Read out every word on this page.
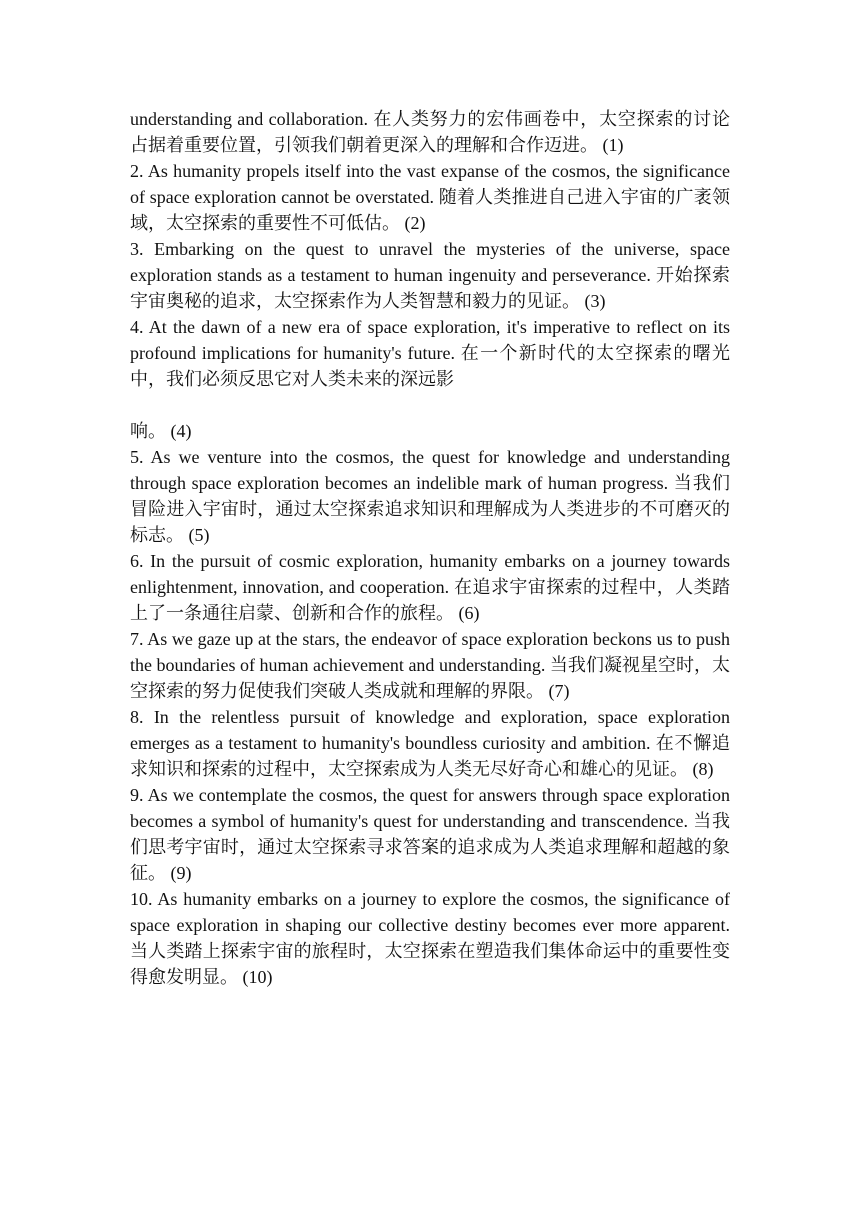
understanding and collaboration. 在人类努力的宏伟画卷中，太空探索的讨论占据着重要位置，引领我们朝着更深入的理解和合作迈进。 (1)

2. As humanity propels itself into the vast expanse of the cosmos, the significance of space exploration cannot be overstated. 随着人类推进自己进入宇宙的广袤领域，太空探索的重要性不可低估。 (2)

3. Embarking on the quest to unravel the mysteries of the universe, space exploration stands as a testament to human ingenuity and perseverance. 开始探索宇宙奥秘的追求，太空探索作为人类智慧和毅力的见证。 (3)

4. At the dawn of a new era of space exploration, it's imperative to reflect on its profound implications for humanity's future. 在一个新时代的太空探索的曙光中，我们必须反思它对人类未来的深远影

响。 (4)

5. As we venture into the cosmos, the quest for knowledge and understanding through space exploration becomes an indelible mark of human progress. 当我们冒险进入宇宙时，通过太空探索追求知识和理解成为人类进步的不可磨灭的标志。 (5)

6. In the pursuit of cosmic exploration, humanity embarks on a journey towards enlightenment, innovation, and cooperation. 在追求宇宙探索的过程中，人类踏上了一条通往启蒙、创新和合作的旅程。 (6)

7. As we gaze up at the stars, the endeavor of space exploration beckons us to push the boundaries of human achievement and understanding. 当我们凝视星空时，太空探索的努力促使我们突破人类成就和理解的界限。 (7)

8. In the relentless pursuit of knowledge and exploration, space exploration emerges as a testament to humanity's boundless curiosity and ambition. 在不懈追求知识和探索的过程中，太空探索成为人类无尽好奇心和雄心的见证。 (8)

9. As we contemplate the cosmos, the quest for answers through space exploration becomes a symbol of humanity's quest for understanding and transcendence. 当我们思考宇宙时，通过太空探索寻求答案的追求成为人类追求理解和超越的象征。 (9)

10. As humanity embarks on a journey to explore the cosmos, the significance of space exploration in shaping our collective destiny becomes ever more apparent. 当人类踏上探索宇宙的旅程时，太空探索在塑造我们集体命运中的重要性变得愈发明显。 (10)
